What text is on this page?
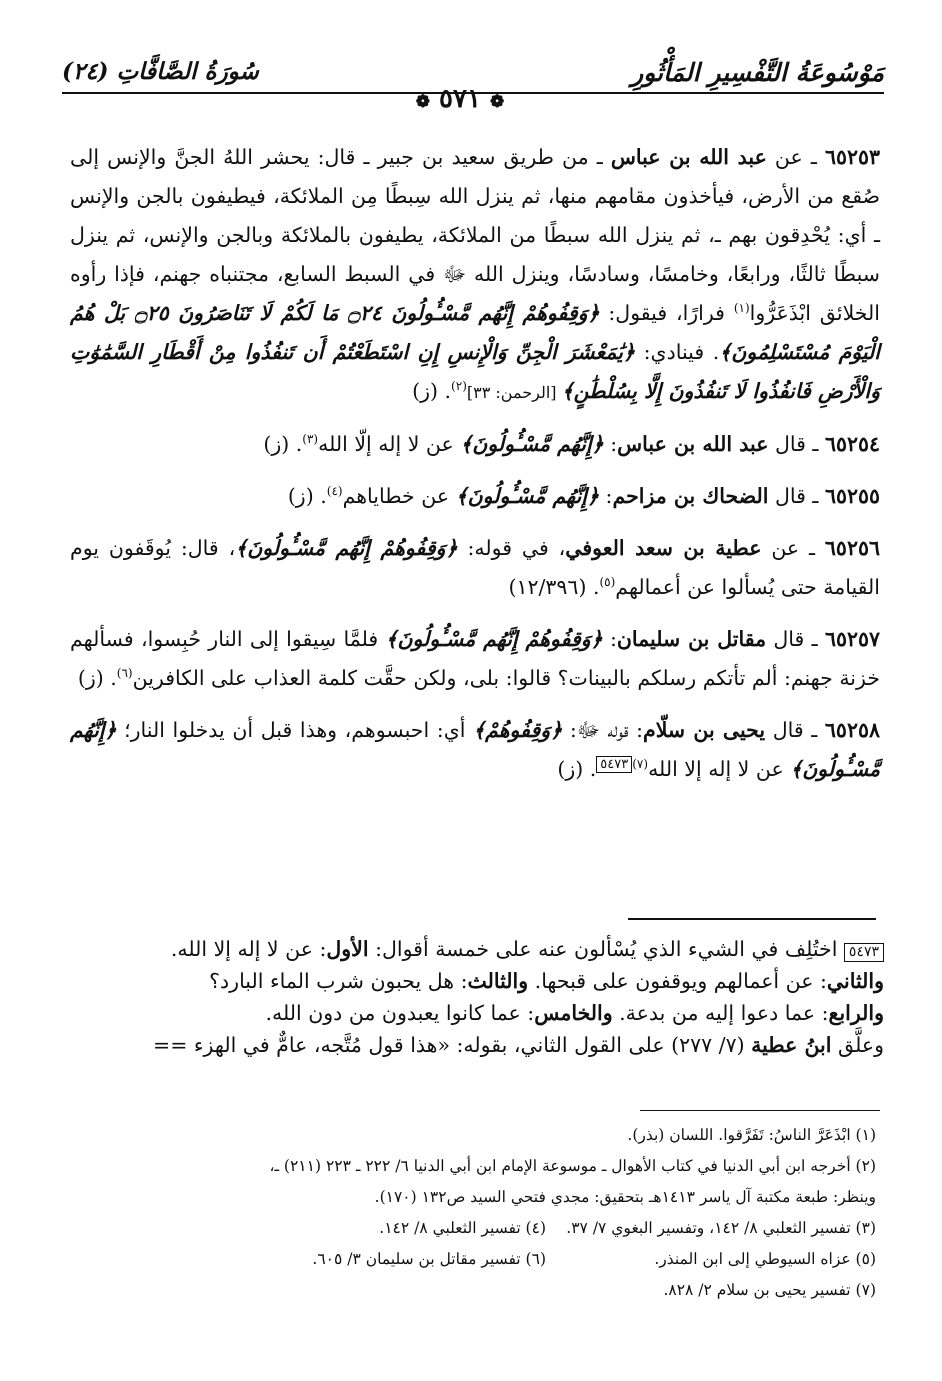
مَوْسُوعَةُ التَّفْسِيرِ المَأْثُورِ
سُورَةُ الصَّافَّاتِ (٢٤)
❁ ٥٧١ ❁

٦٥٢٥٣ ـ عن عبد الله بن عباس ـ من طريق سعيد بن جبير ـ قال: يحشر اللهُ الجنَّ والإنس إلى صُقع من الأرض، فيأخذون مقامهم منها، ثم ينزل الله سِبطًا مِن الملائكة، فيطيفون بالجن والإنس ـ أي: يُحْدِقون بهم ـ، ثم ينزل الله سبطًا من الملائكة، يطيفون بالملائكة وبالجن والإنس، ثم ينزل سبطًا ثالثًا، ورابعًا، وخامسًا، وسادسًا، وينزل الله ﷻ في السبط السابع، مجتنباه جهنم، فإذا رأوه الخلائق ابْذَعَرُّوا$^{(١)}$ فرارًا، فيقول: ﴿وَقِفُوهُمْ إِنَّهُم مَّسْـُٔولُونَ ۝٢٤ مَا لَكُمْ لَا تَنَاصَرُونَ ۝٢٥ بَلْ هُمُ الْيَوْمَ مُسْتَسْلِمُونَ﴾. فينادي: ﴿يَٰمَعْشَرَ الْجِنِّ وَالْإِنسِ إِنِ اسْتَطَعْتُمْ أَن تَنفُذُوا مِنْ أَقْطَارِ السَّمَٰوَٰتِ وَالْأَرْضِ فَانفُذُوا لَا تَنفُذُونَ إِلَّا بِسُلْطَٰنٍ﴾ [الرحمن: ٣٣]$^{(٢)}$. (ز)

٦٥٢٥٤ ـ قال عبد الله بن عباس: ﴿إِنَّهُم مَّسْـُٔولُونَ﴾ عن لا إله إلّا الله$^{(٣)}$. (ز)

٦٥٢٥٥ ـ قال الضحاك بن مزاحم: ﴿إِنَّهُم مَّسْـُٔولُونَ﴾ عن خطاياهم$^{(٤)}$. (ز)

٦٥٢٥٦ ـ عن عطية بن سعد العوفي، في قوله: ﴿وَقِفُوهُمْ إِنَّهُم مَّسْـُٔولُونَ﴾، قال: يُوقَفون يوم القيامة حتى يُسألوا عن أعمالهم$^{(٥)}$. (١٢/٣٩٦)

٦٥٢٥٧ ـ قال مقاتل بن سليمان: ﴿وَقِفُوهُمْ إِنَّهُم مَّسْـُٔولُونَ﴾ فلمَّا سِيقوا إلى النار حُبِسوا، فسألهم خزنة جهنم: ألم تأتكم رسلكم بالبينات؟ قالوا: بلى، ولكن حقَّت كلمة العذاب على الكافرين$^{(٦)}$. (ز)

٦٥٢٥٨ ـ قال يحيى بن سلّام: قوله ﷻ: ﴿وَقِفُوهُمْ﴾ أي: احبسوهم، وهذا قبل أن يدخلوا النار؛ ﴿إِنَّهُم مَّسْـُٔولُونَ﴾ عن لا إله إلا الله$^{(٧)}$٥٤٧٣. (ز)

٥٤٧٣ اختُلِف في الشيء الذي يُسْألون عنه على خمسة أقوال: الأول: عن لا إله إلا الله.

والثاني: عن أعمالهم ويوقفون على قبحها. والثالث: هل يحبون شرب الماء البارد؟

والرابع: عما دعوا إليه من بدعة. والخامس: عما كانوا يعبدون من دون الله.

وعلَّق ابنُ عطية (٧/ ٢٧٧) على القول الثاني، بقوله: «هذا قول مُتَّجه، عامٌّ في الهزء ==

(١) ابْذَعَرَّ الناسُ: تَفَرَّقوا. اللسان (بذر).

(٢) أخرجه ابن أبي الدنيا في كتاب الأهوال ـ موسوعة الإمام ابن أبي الدنيا ٦/ ٢٢٢ ـ ٢٢٣ (٢١١) ـ،

وينظر: طبعة مكتبة آل ياسر ١٤١٣هـ بتحقيق: مجدي فتحي السيد ص١٣٢ (١٧٠).

(٣) تفسير الثعلبي ٨/ ١٤٢، وتفسير البغوي ٧/ ٣٧.
(٤) تفسير الثعلبي ٨/ ١٤٢.

(٥) عزاه السيوطي إلى ابن المنذر.
(٦) تفسير مقاتل بن سليمان ٣/ ٦٠٥.

(٧) تفسير يحيى بن سلام ٢/ ٨٢٨.
